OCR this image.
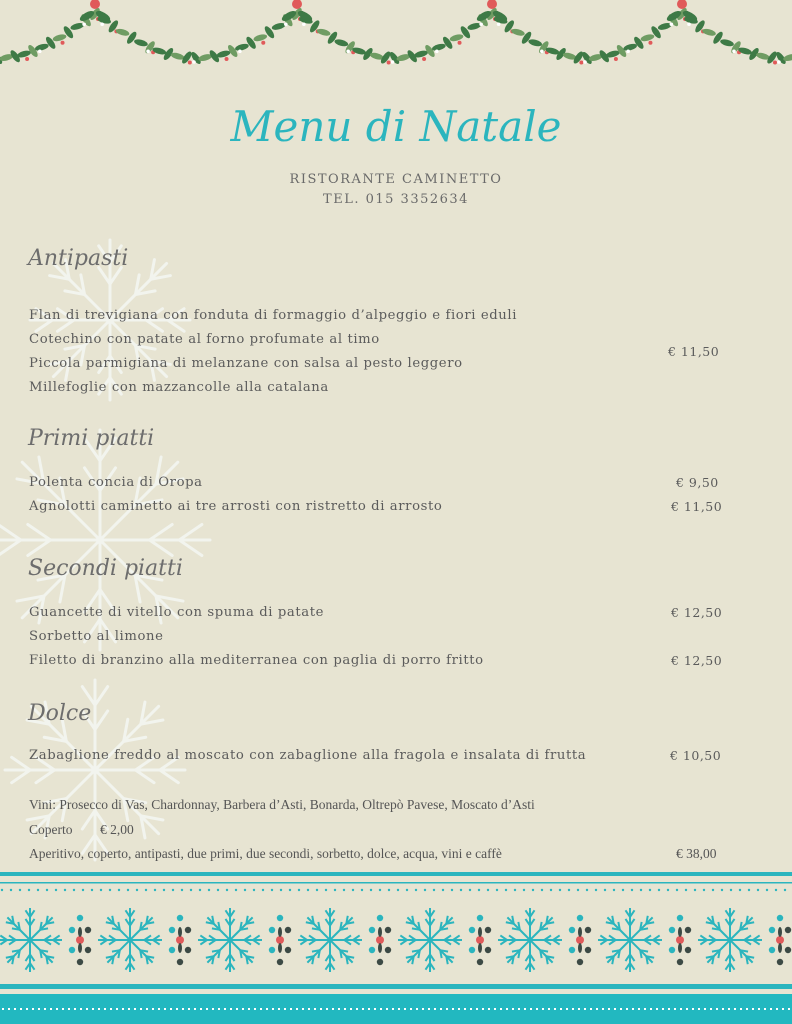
Menu di Natale
RISTORANTE CAMINETTO
TEL. 015 3352634
Antipasti
Flan di trevigiana con fonduta di formaggio d’alpeggio e fiori eduli
Cotechino con patate al forno profumate al timo
Piccola parmigiana di melanzane con salsa al pesto leggero
Millefoglie con mazzancolle alla catalana
€ 11,50
Primi piatti
Polenta concia di Oropa	€ 9,50
Agnolotti caminetto ai tre arrosti con ristretto di arrosto	€ 11,50
Secondi piatti
Guancette di vitello con spuma di patate	€ 12,50
Sorbetto al limone
Filetto di branzino alla mediterranea con paglia di porro fritto	€ 12,50
Dolce
Zabaglione freddo al moscato con zabaglione alla fragola e insalata di frutta	€ 10,50
Vini: Prosecco di Vas, Chardonnay, Barbera d’Asti, Bonarda, Oltrepò Pavese, Moscato d’Asti
Coperto € 2,00
Aperitivo, coperto, antipasti, due primi, due secondi, sorbetto, dolce, acqua, vini e caffè	€ 38,00
